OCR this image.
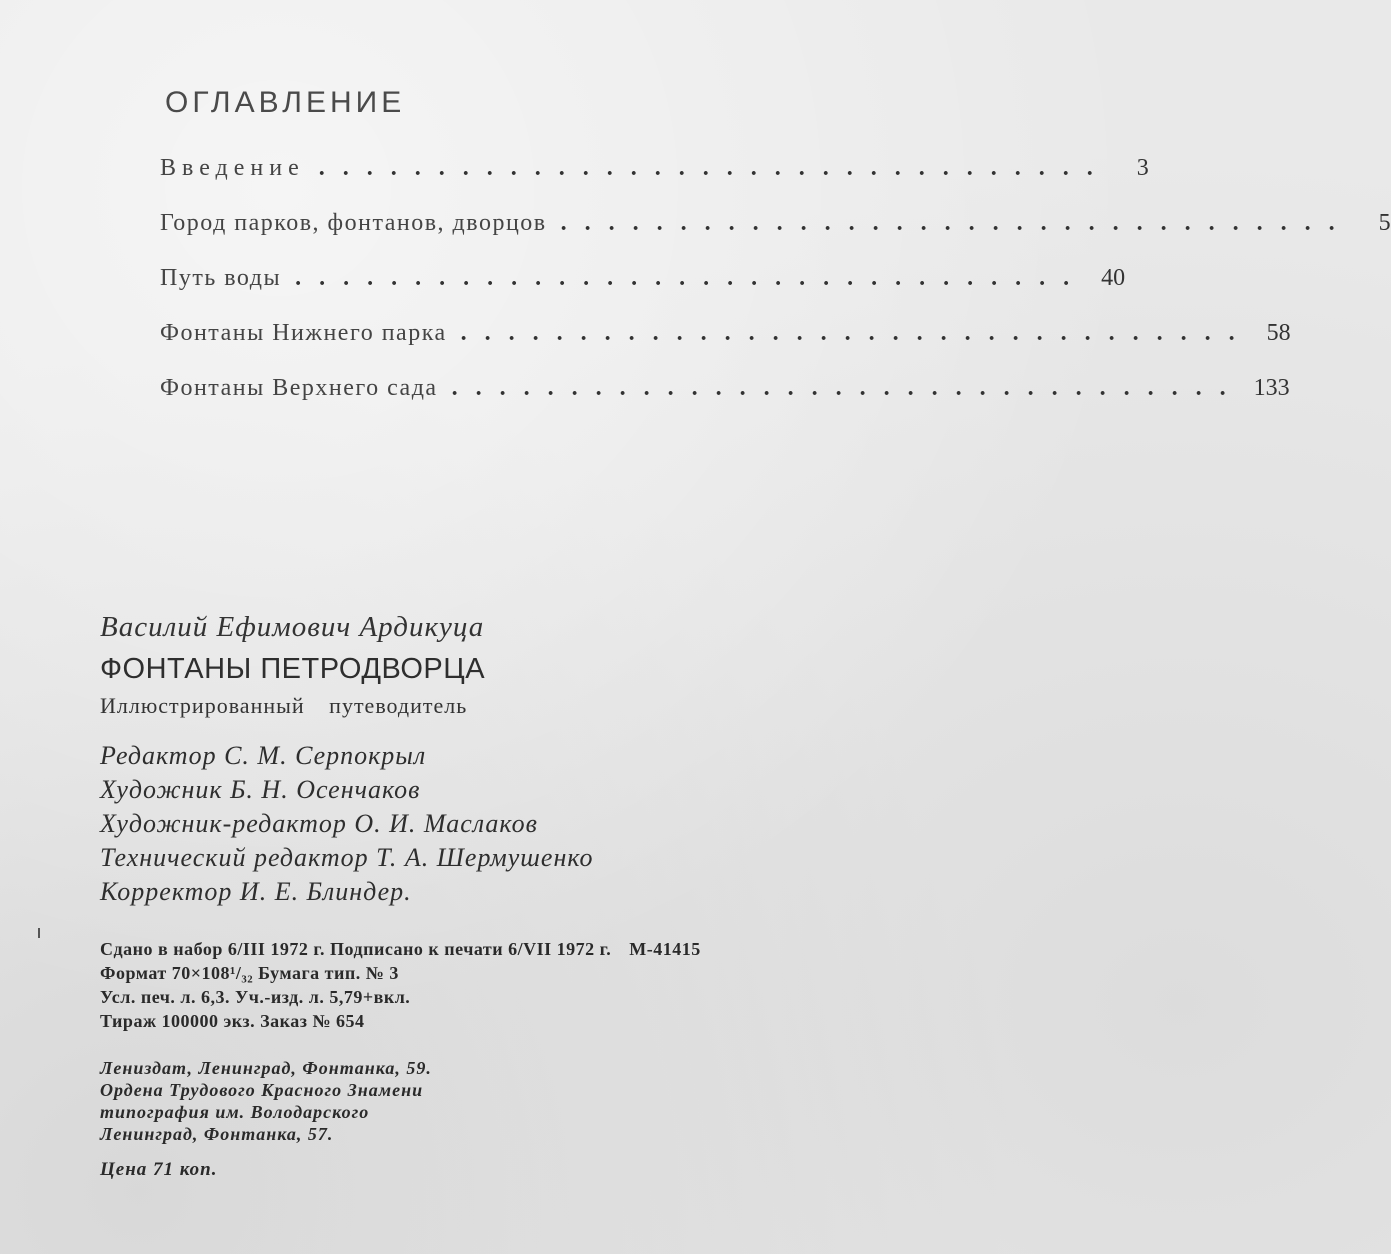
ОГЛАВЛЕНИЕ
Введение .................................	3
Город парков, фонтанов, дворцов .................................	5
Путь воды ................................. 40
Фонтаны Нижнего парка ................................. 58
Фонтаны Верхнего сада ................................. 133

Василий Ефимович Ардикуца

ФОНТАНЫ ПЕТРОДВОРЦА

Иллюстрированный путеводитель

Редактор С. М. Серпокрыл
Художник Б. Н. Осенчаков
Художник-редактор О. И. Маслаков
Технический редактор Т. А. Шермушенко
Корректор И. Е. Блиндер.
Сдано в набор 6/III 1972 г. Подписано к печати 6/VII 1972 г. М-41415
Формат 70×108¹/₃₂ Бумага тип. № 3
Усл. печ. л. 6,3. Уч.-изд. л. 5,79+вкл.
Тираж 100000 экз. Заказ № 654
Лениздат, Ленинград, Фонтанка, 59.
Ордена Трудового Красного Знамени
типография им. Володарского
Ленинград, Фонтанка, 57.
Цена 71 коп.
